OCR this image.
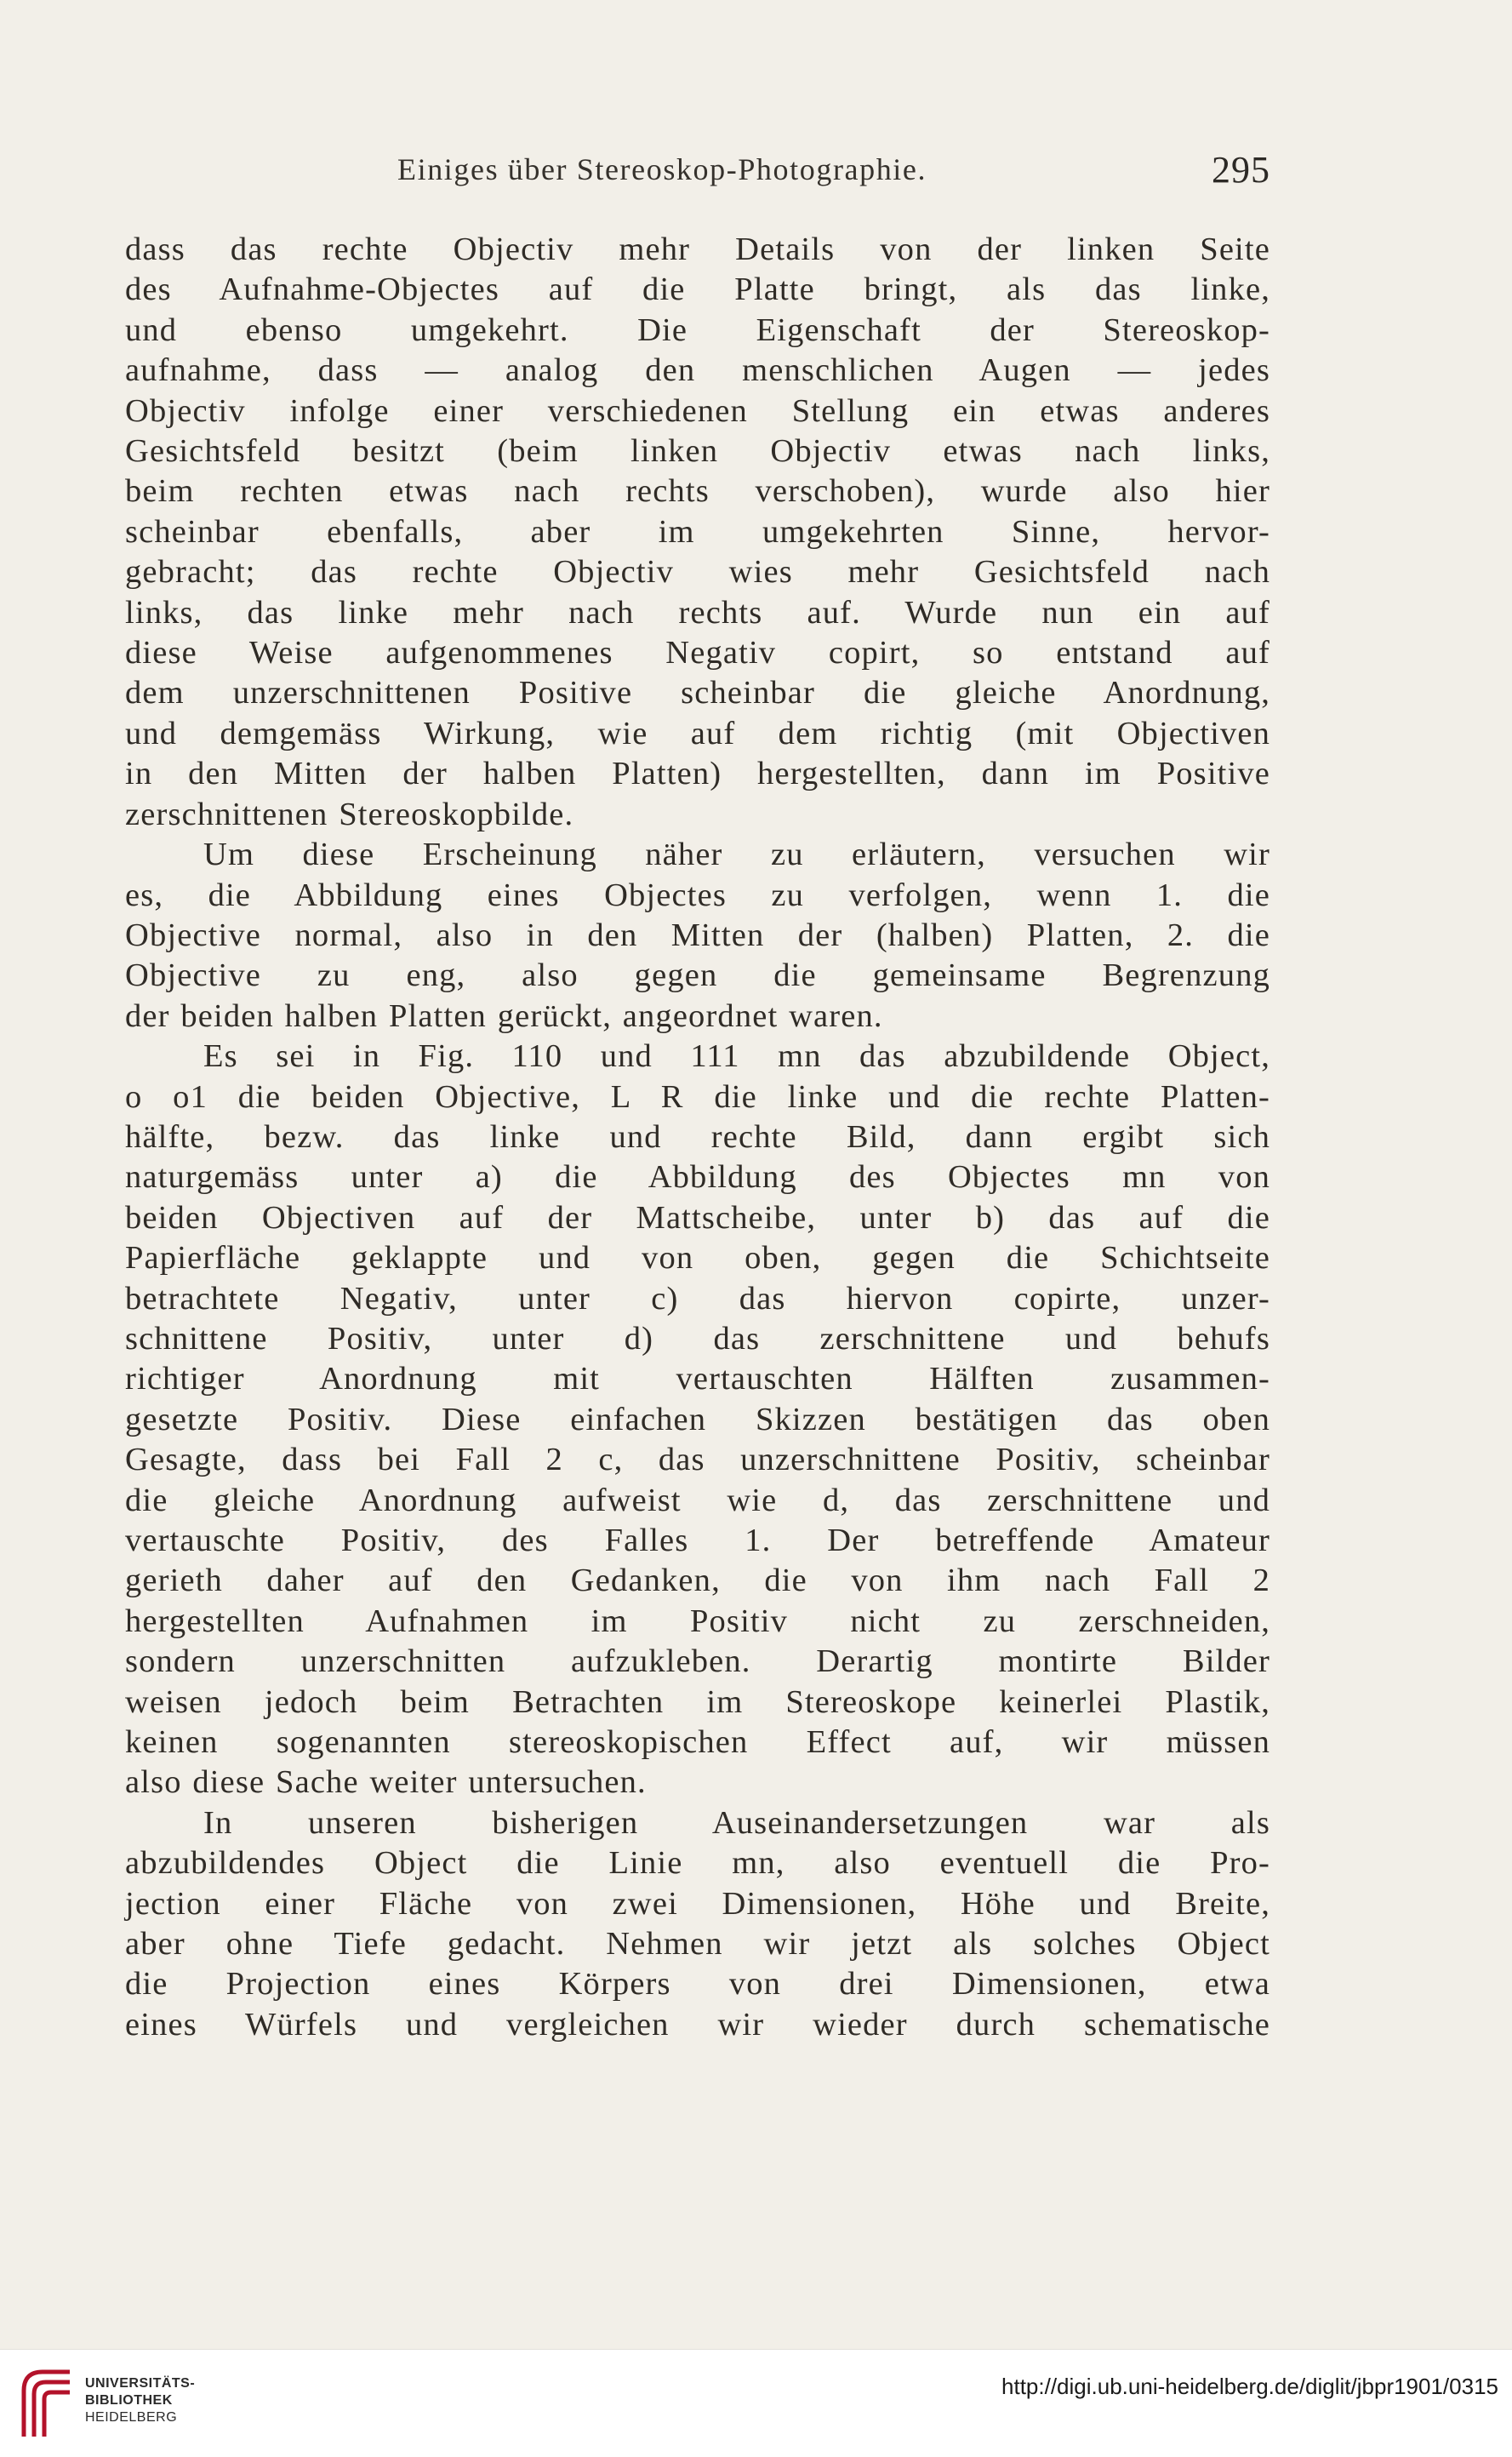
Einiges über Stereoskop-Photographie.	295
dass das rechte Objectiv mehr Details von der linken Seite
des Aufnahme-Objectes auf die Platte bringt, als das linke,
und ebenso umgekehrt. Die Eigenschaft der Stereoskop-
aufnahme, dass — analog den menschlichen Augen — jedes
Objectiv infolge einer verschiedenen Stellung ein etwas anderes
Gesichtsfeld besitzt (beim linken Objectiv etwas nach links,
beim rechten etwas nach rechts verschoben), wurde also hier
scheinbar ebenfalls, aber im umgekehrten Sinne, hervor-
gebracht; das rechte Objectiv wies mehr Gesichtsfeld nach
links, das linke mehr nach rechts auf. Wurde nun ein auf
diese Weise aufgenommenes Negativ copirt, so entstand auf
dem unzerschnittenen Positive scheinbar die gleiche Anordnung,
und demgemäss Wirkung, wie auf dem richtig (mit Objectiven
in den Mitten der halben Platten) hergestellten, dann im Positive
zerschnittenen Stereoskopbilde.
Um diese Erscheinung näher zu erläutern, versuchen wir
es, die Abbildung eines Objectes zu verfolgen, wenn 1. die
Objective normal, also in den Mitten der (halben) Platten, 2. die
Objective zu eng, also gegen die gemeinsame Begrenzung
der beiden halben Platten gerückt, angeordnet waren.
Es sei in Fig. 110 und 111 mn das abzubildende Object,
o o1 die beiden Objective, L R die linke und die rechte Platten-
hälfte, bezw. das linke und rechte Bild, dann ergibt sich
naturgemäss unter a) die Abbildung des Objectes mn von
beiden Objectiven auf der Mattscheibe, unter b) das auf die
Papierfläche geklappte und von oben, gegen die Schichtseite
betrachtete Negativ, unter c) das hiervon copirte, unzer-
schnittene Positiv, unter d) das zerschnittene und behufs
richtiger Anordnung mit vertauschten Hälften zusammen-
gesetzte Positiv. Diese einfachen Skizzen bestätigen das oben
Gesagte, dass bei Fall 2 c, das unzerschnittene Positiv, scheinbar
die gleiche Anordnung aufweist wie d, das zerschnittene und
vertauschte Positiv, des Falles 1. Der betreffende Amateur
gerieth daher auf den Gedanken, die von ihm nach Fall 2
hergestellten Aufnahmen im Positiv nicht zu zerschneiden,
sondern unzerschnitten aufzukleben. Derartig montirte Bilder
weisen jedoch beim Betrachten im Stereoskope keinerlei Plastik,
keinen sogenannten stereoskopischen Effect auf, wir müssen
also diese Sache weiter untersuchen.
In unseren bisherigen Auseinandersetzungen war als
abzubildendes Object die Linie mn, also eventuell die Pro-
jection einer Fläche von zwei Dimensionen, Höhe und Breite,
aber ohne Tiefe gedacht. Nehmen wir jetzt als solches Object
die Projection eines Körpers von drei Dimensionen, etwa
eines Würfels und vergleichen wir wieder durch schematische
UNIVERSITÄTS-
BIBLIOTHEK
HEIDELBERG
http://digi.ub.uni-heidelberg.de/diglit/jbpr1901/0315
